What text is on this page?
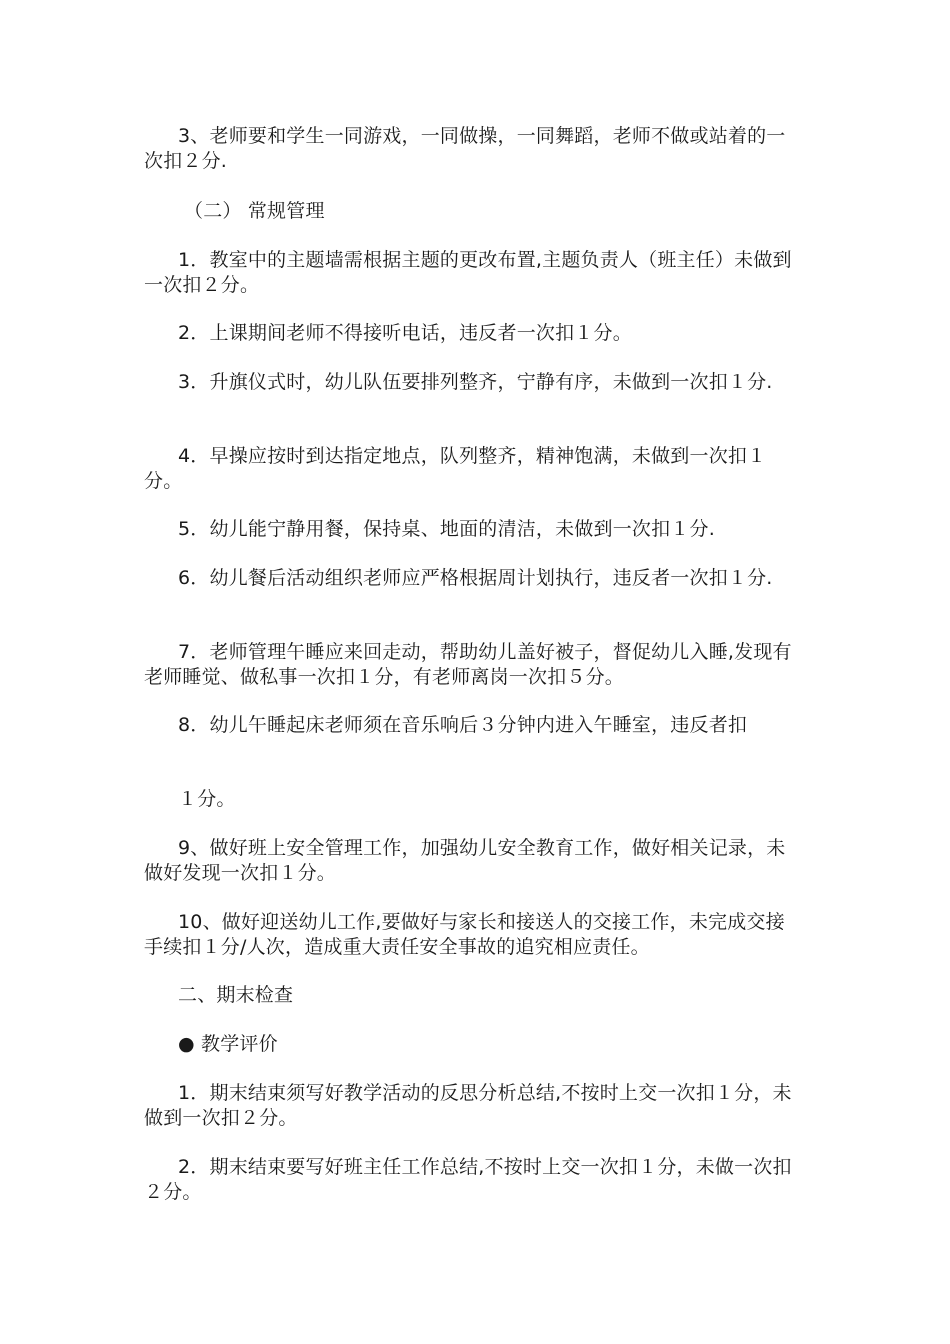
3、老师要和学生一同游戏，一同做操，一同舞蹈，老师不做或站着的一次扣２分.
（二） 常规管理
1．教室中的主题墙需根据主题的更改布置,主题负责人（班主任）未做到一次扣２分。
2．上课期间老师不得接听电话，违反者一次扣１分。
3．升旗仪式时，幼儿队伍要排列整齐，宁静有序，未做到一次扣１分.
4．早操应按时到达指定地点，队列整齐，精神饱满，未做到一次扣１分。
5．幼儿能宁静用餐，保持桌、地面的清洁，未做到一次扣１分.
6．幼儿餐后活动组织老师应严格根据周计划执行，违反者一次扣１分.
7．老师管理午睡应来回走动，帮助幼儿盖好被子，督促幼儿入睡,发现有老师睡觉、做私事一次扣１分，有老师离岗一次扣５分。
8．幼儿午睡起床老师须在音乐响后３分钟内进入午睡室，违反者扣
１分。
9、做好班上安全管理工作，加强幼儿安全教育工作，做好相关记录，未做好发现一次扣１分。
10、做好迎送幼儿工作,要做好与家长和接送人的交接工作，未完成交接手续扣１分/人次，造成重大责任安全事故的追究相应责任。
二、期末检查
● 教学评价
1．期末结束须写好教学活动的反思分析总结,不按时上交一次扣１分，未做到一次扣２分。
2．期末结束要写好班主任工作总结,不按时上交一次扣１分，未做一次扣２分。
